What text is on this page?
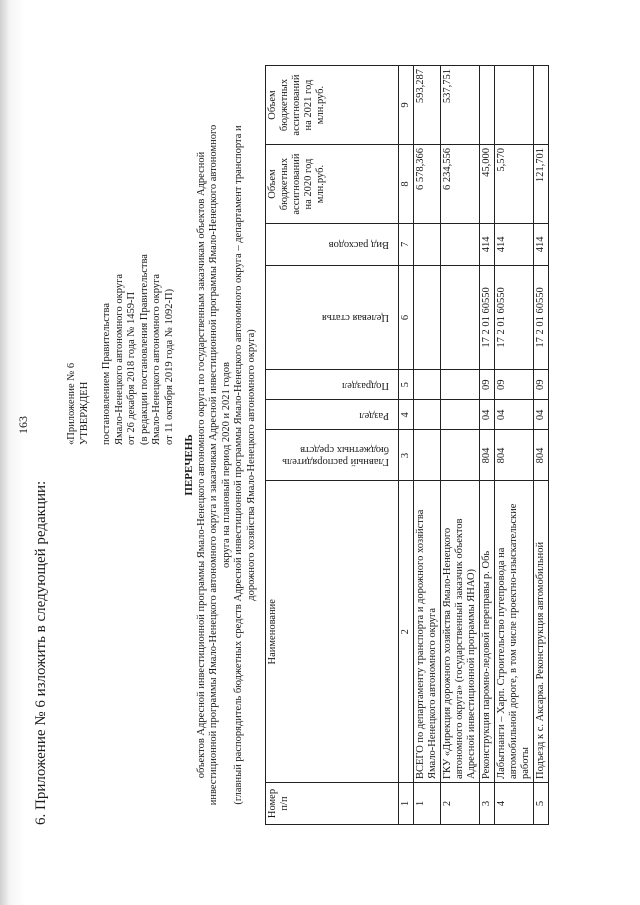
163
6. Приложение № 6 изложить в следующей редакции:
«Приложение № 6 УТВЕРЖДЕН постановлением Правительства Ямало-Ненецкого автономного округа от 26 декабря 2018 года № 1459-П (в редакции постановления Правительства Ямало-Ненецкого автономного округа от 11 октября 2019 года № 1092-П)
ПЕРЕЧЕНЬ объектов Адресной инвестиционной программы Ямало-Ненецкого автономного округа по государственным заказчикам объектов Адресной инвестиционной программы Ямало-Ненецкого автономного округа и заказчикам Адресной инвестиционной программы Ямало-Ненецкого автономного округа на плановый период 2020 и 2021 годов (главный распорядитель бюджетных средств Адресной инвестиционной программы Ямало-Ненецкого автономного округа – департамент транспорта и дорожного хозяйства Ямало-Ненецкого автономного округа)
Номер п/п	Наименование	Главный распорядитель бюджетных средств	Раздел	Подраздел	Целевая статья	Вид расходов	Объем бюджетных ассигнований на 2020 год млн.руб.	Объем бюджетных ассигнований на 2021 год млн.руб.
1	2	3	4	5	6	7	8	9
1	ВСЕГО по департаменту транспорта и дорожного хозяйства Ямало-Ненецкого автономного округа						6 578,366	593,287
2	ГКУ «Дирекция дорожного хозяйства Ямало-Ненецкого автономного округа» (государственный заказчик объектов Адресной инвестиционной программы ЯНАО)						6 234,556	537,751
3	Реконструкция паромно-ледовой переправы р. Обь	804	04	09	17 2 01 60550	414	45,000	
4	Лабытнанги – Харп. Строительство путепровода на автомобильной дороге, в том числе проектно-изыскательские работы	804	04	09	17 2 01 60550	414	5,570	
5	Подъезд к с. Аксарка. Реконструкция автомобильной	804	04	09	17 2 01 60550	414	121,701	
